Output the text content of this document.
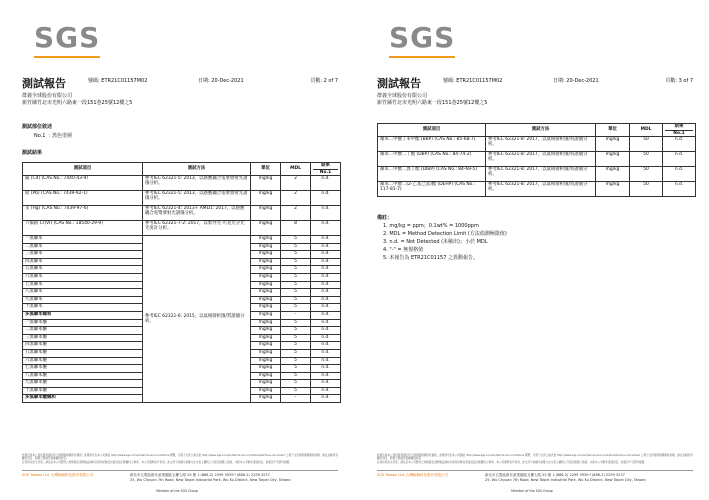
SGS
測試報告	號碼: ETR21C01157M02	日期: 20-Dec-2021	頁數: 2 of 7
群義全球股份有限公司
新竹縣竹北市光明六路東一段151巷25號12樓之5
測試部位敘述
No.1 : 黑色塗層
測試結果
測試項目	測試方法	單位	MDL	結果
No.1
鎘 (Cd) (CAS No.: 7440-43-9)	參考IEC 62321-5: 2013，以感應耦合電漿發射光譜儀分析。	mg/kg	2	n.d.
鉛 (Pb) (CAS No.: 7439-92-1)	參考IEC 62321-5: 2013，以感應耦合電漿發射光譜儀分析。	mg/kg	2	n.d.
汞 (Hg) (CAS No.: 7439-97-6)	參考IEC 62321-4: 2013+ AMD1: 2017，以感應耦合電漿發射光譜儀分析。	mg/kg	2	n.d.
六價鉻 Cr(VI) (CAS No.: 18540-29-9)	參考IEC 62321-7-2: 2017，以紫外光-可見光分光光度計分析。	mg/kg	8	n.d.
一溴聯苯	參考IEC 62321-6: 2015，以氣相層析儀/質譜儀分析。	mg/kg	5	n.d.
二溴聯苯		mg/kg	5	n.d.
三溴聯苯		mg/kg	5	n.d.
四溴聯苯		mg/kg	5	n.d.
五溴聯苯		mg/kg	5	n.d.
六溴聯苯		mg/kg	5	n.d.
七溴聯苯		mg/kg	5	n.d.
八溴聯苯		mg/kg	5	n.d.
九溴聯苯		mg/kg	5	n.d.
十溴聯苯		mg/kg	5	n.d.
多溴聯苯總和		mg/kg	-	n.d.
一溴聯苯醚		mg/kg	5	n.d.
二溴聯苯醚		mg/kg	5	n.d.
三溴聯苯醚		mg/kg	5	n.d.
四溴聯苯醚		mg/kg	5	n.d.
五溴聯苯醚		mg/kg	5	n.d.
六溴聯苯醚		mg/kg	5	n.d.
七溴聯苯醚		mg/kg	5	n.d.
八溴聯苯醚		mg/kg	5	n.d.
九溴聯苯醚		mg/kg	5	n.d.
十溴聯苯醚		mg/kg	5	n.d.
多溴聯苯醚總和		mg/kg	-	n.d.
此報告是本公司依照背面所印之通用服務條款所簽發，此條款可在本公司網站 http://www.sgs.com/en/terms-and-conditions 閱覽，凡電子文件之格式依 http://www.sgs.com/en/terms-and-conditions/terms-e-document 之電子文件通用服務條款處理。請注意條款有關於責任、賠償之限制及管轄權的約定。
任何持有此文件者，請注意本公司製作之結果報告書將僅反映執行時所紀錄且於接受指示範圍內之事實。本公司僅對客戶負責，此文件不妨礙交易雙方在交易上權利之行使及義務之免除。未經本公司事先書面同意，此報告不可部份複製。
SGS Taiwan Ltd. 台灣檢驗科技股份有限公司	新北市五股區新北產業園區五權七路 25 號
25, Wu Chyuan 7th Road, New Taipei Industrial Park, Wu Ku District, New Taipei City, Taiwan
t (886-2) 2299 3939 f (886-2) 2299 3237
Member of the SGS Group
SGS
測試報告	號碼: ETR21C01157M02	日期: 20-Dec-2021	頁數: 3 of 7
群義全球股份有限公司
新竹縣竹北市光明六路東一段151巷25號12樓之5
測試項目	測試方法	單位	MDL	結果
No.1
鄰苯二甲酸丁苯甲酯 (BBP) (CAS No.: 85-68-7)	參考IEC 62321-8: 2017，以氣相層析儀/質譜儀分析。	mg/kg	50	n.d.
鄰苯二甲酸二丁酯 (DBP) (CAS No.: 84-74-2)	參考IEC 62321-8: 2017，以氣相層析儀/質譜儀分析。	mg/kg	50	n.d.
鄰苯二甲酸二異丁酯 (DIBP) (CAS No.: 84-69-5)	參考IEC 62321-8: 2017，以氣相層析儀/質譜儀分析。	mg/kg	50	n.d.
鄰苯二甲酸二(2-乙基己基)酯 (DEHP) (CAS No.: 117-81-7)	參考IEC 62321-8: 2017，以氣相層析儀/質譜儀分析。	mg/kg	50	n.d.
備註：
1. mg/kg = ppm；0.1wt% = 1000ppm
2. MDL = Method Detection Limit (方法偵測極限值)
3. n.d. = Not Detected (未檢出)；小於 MDL
4. "-" = 無規格值
5. 本報告為 ETR21C01157 之異動報告。
此報告是本公司依照背面所印之通用服務條款所簽發，此條款可在本公司網站 http://www.sgs.com/en/terms-and-conditions 閱覽，凡電子文件之格式依 http://www.sgs.com/en/terms-and-conditions/terms-e-document 之電子文件通用服務條款處理。請注意條款有關於責任、賠償之限制及管轄權的約定。
任何持有此文件者，請注意本公司製作之結果報告書將僅反映執行時所紀錄且於接受指示範圍內之事實。本公司僅對客戶負責，此文件不妨礙交易雙方在交易上權利之行使及義務之免除。未經本公司事先書面同意，此報告不可部份複製。
SGS Taiwan Ltd. 台灣檢驗科技股份有限公司	新北市五股區新北產業園區五權七路 25 號
25, Wu Chyuan 7th Road, New Taipei Industrial Park, Wu Ku District, New Taipei City, Taiwan
t (886-2) 2299 3939 f (886-2) 2299 3237
Member of the SGS Group
